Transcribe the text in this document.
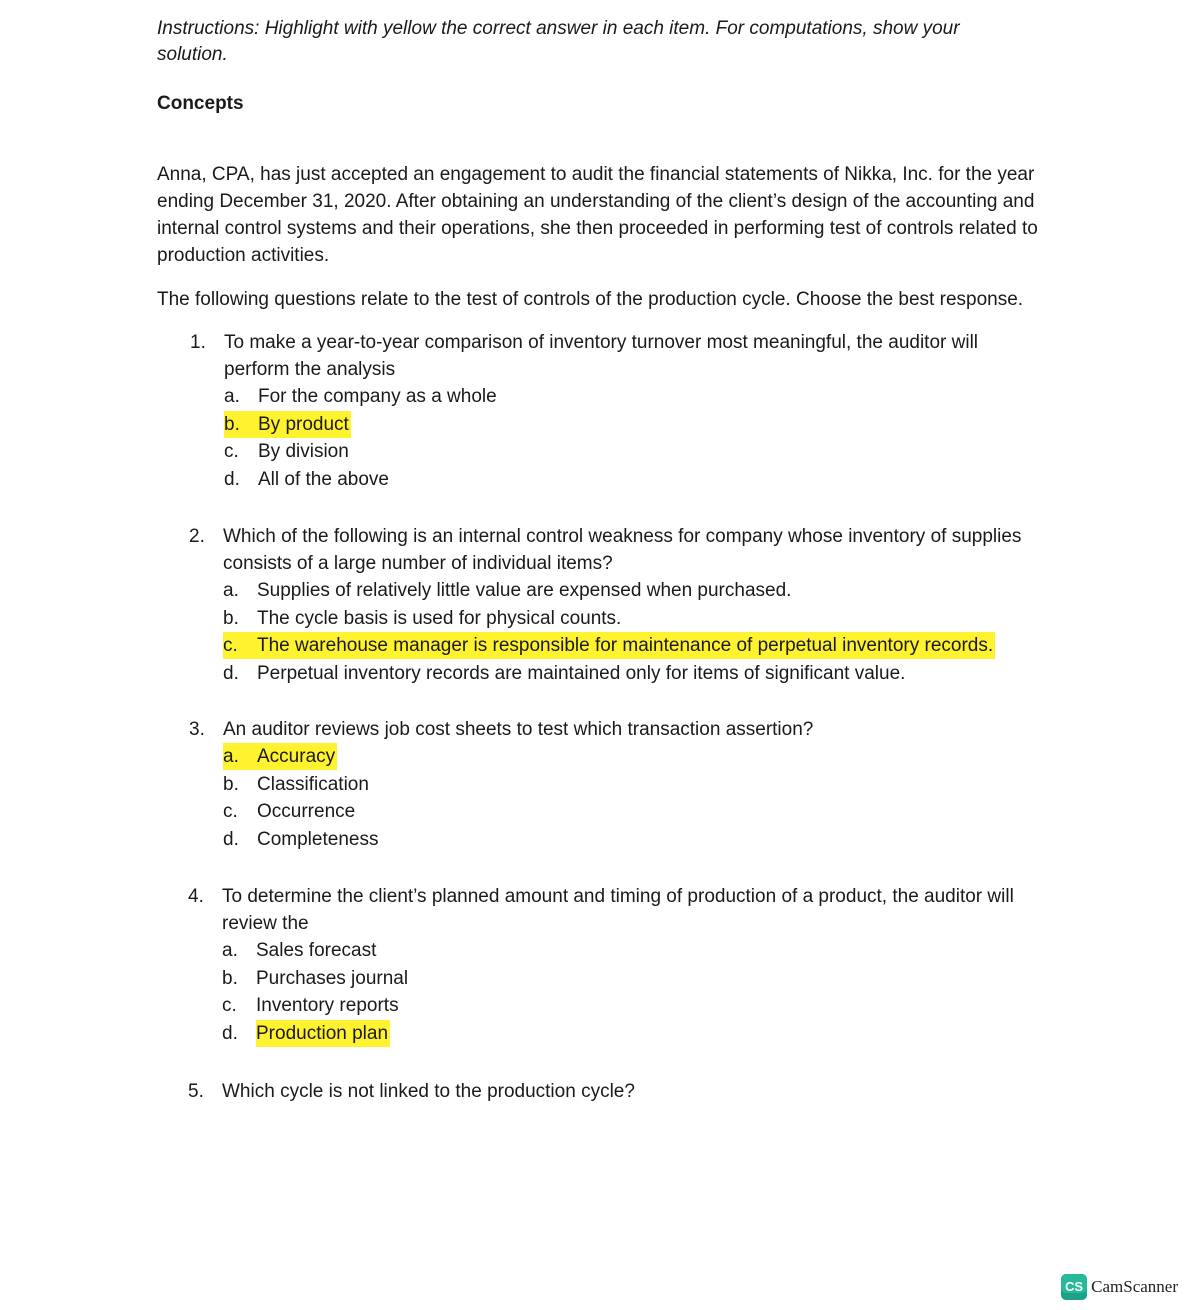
Instructions: Highlight with yellow the correct answer in each item. For computations, show your solution.
Concepts
Anna, CPA, has just accepted an engagement to audit the financial statements of Nikka, Inc. for the year ending December 31, 2020. After obtaining an understanding of the client’s design of the accounting and internal control systems and their operations, she then proceeded in performing test of controls related to production activities.
The following questions relate to the test of controls of the production cycle. Choose the best response.
1. To make a year-to-year comparison of inventory turnover most meaningful, the auditor will perform the analysis
a. For the company as a whole
b. By product
c.	By division
d. All of the above
2. Which of the following is an internal control weakness for company whose inventory of supplies consists of a large number of individual items?
a. Supplies of relatively little value are expensed when purchased.
b. The cycle basis is used for physical counts.
c.	The warehouse manager is responsible for maintenance of perpetual inventory records.
d. Perpetual inventory records are maintained only for items of significant value.
3. An auditor reviews job cost sheets to test which transaction assertion?
a. Accuracy
b. Classification
c.	Occurrence
d. Completeness
4. To determine the client’s planned amount and timing of production of a product, the auditor will review the
a. Sales forecast
b. Purchases journal
c.	Inventory reports
d. Production plan
5. Which cycle is not linked to the production cycle?
CS CamScanner
